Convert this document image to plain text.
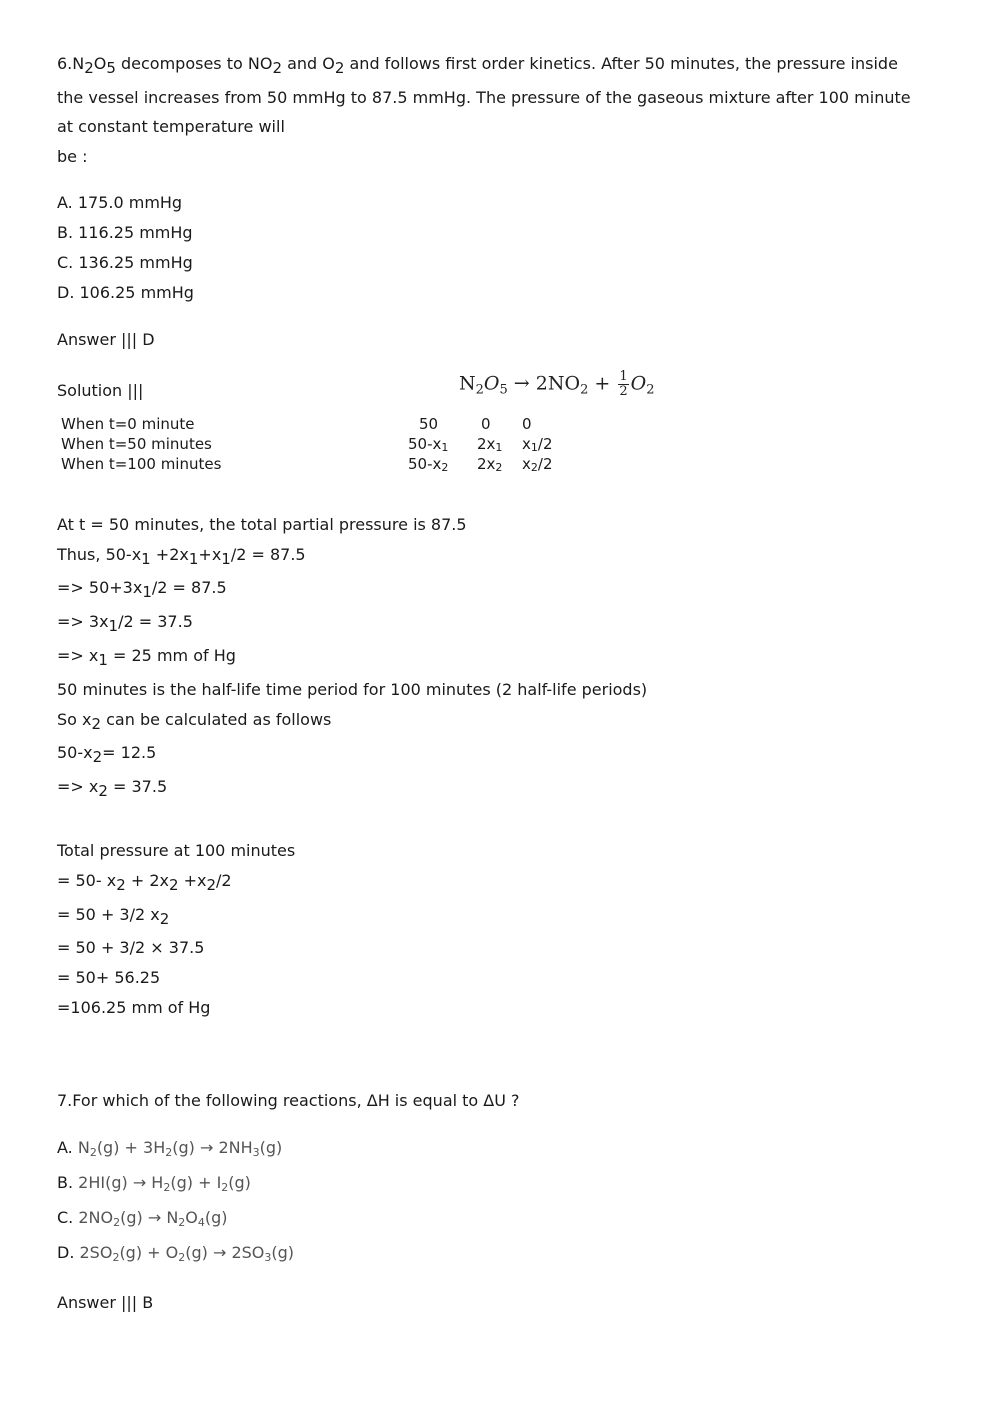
$6.N_2O_5$ decomposes to $NO_2$ and $O_2$ and follows first order kinetics. After 50 minutes, the pressure inside

the vessel increases from 50 mmHg to 87.5 mmHg. The pressure of the gaseous mixture after 100 minute

at constant temperature will
be :
A. 175.0 mmHg
B. 116.25 mmHg
C. 136.25 mmHg
D. 106.25 mmHg
Answer ||| D
Solution |||	$N_2O_5 \to 2NO_2 + \frac{1}{2} O_2$
When t=0 minute	50	0 0
When t=50 minutes	$50-x_1$ $2x_1$ $x_1/2$
When t=100 minutes	$50-x_2$ $2x_2$ $x_2/2$
At t = 50 minutes, the total partial pressure is 87.5
Thus, $50-x_1 +2x_1+x_1/2 = 87.5$
=> $50+3x_1/2 = 87.5$
=> $3x_1/2 = 37.5$
=> $x_1 = 25$ mm of Hg
50 minutes is the half-life time period for 100 minutes (2 half-life periods)
So $x_2$ can be calculated as follows
$50-x_2= 12.5$
=> $x_2 = 37.5$
Total pressure at 100 minutes
= 50- $x_2 + 2x_2 +x_2/2$
= 50 + 3/2 $x_2$
= 50 + 3/2 × 37.5
= 50+ 56.25
=106.25 mm of Hg
7.For which of the following reactions, ΔH is equal to ΔU ?
A. $N_2(g) + 3H_2(g) \to 2NH_3(g)$
B. $2HI(g) \to H_2(g) + I_2(g)$
C. $2NO_2(g) \to N_2O_4(g)$
D. $2SO_2(g) + O_2(g) \to 2SO_3(g)$
Answer ||| B
